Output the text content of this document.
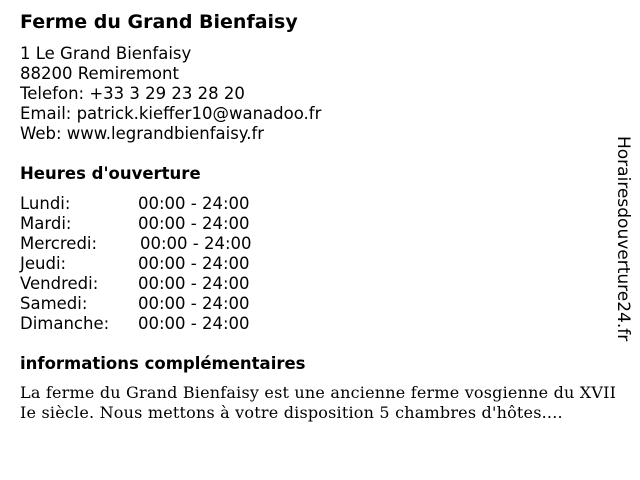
Ferme du Grand Bienfaisy
1 Le Grand Bienfaisy
88200 Remiremont
Telefon: +33 3 29 23 28 20
Email: patrick.kieffer10@wanadoo.fr
Web: www.legrandbienfaisy.fr
Heures d'ouverture
Lundi:	00:00 - 24:00
Mardi:	00:00 - 24:00
Mercredi:	00:00 - 24:00
Jeudi:	00:00 - 24:00
Vendredi:	00:00 - 24:00
Samedi:	00:00 - 24:00
Dimanche:	00:00 - 24:00
informations complémentaires
La ferme du Grand Bienfaisy est une ancienne ferme vosgienne du XVIIIe siècle. Nous mettons à votre disposition 5 chambres d'hôtes....
Horairesdouverture24.fr
